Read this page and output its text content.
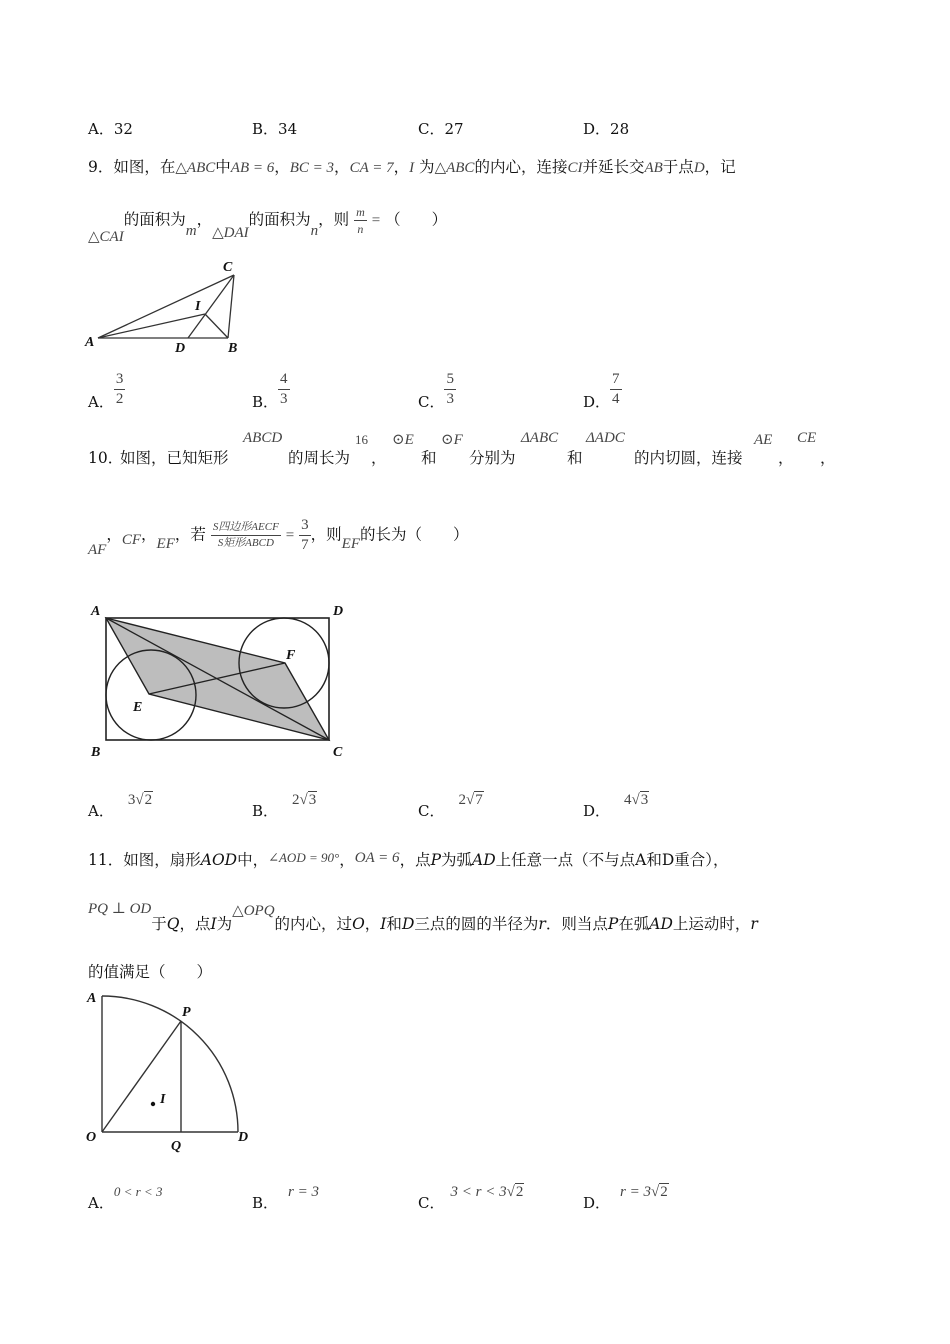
A．32	B．34	C．27	D．28
9．如图，在△ABC中AB = 6，BC = 3，CA = 7，I 为△ABC的内心，连接CI并延长交AB于点D，记
△CAI的面积为m，△DAI的面积为n，则 $\frac{m}{n}$ = （　　）
C
A	D	B
I
A． $\frac{3}{2}$	B． $\frac{4}{3}$	C． $\frac{5}{3}$	D． $\frac{7}{4}$
10．
如图，已知矩形
ABCD
的周长为
16
，
⊙E
和
⊙F
分别为
ΔABC
和
ΔADC
的内切圆，连接
AE
，
CE
，
AF，CF，EF，若 $\frac{\text{S四边形AECF}}{\text{S矩形ABCD}} = \frac{3}{7}$ ，则EF的长为（　　）
A	D
B	C
E
F
A．3√2
B．2√3
C．2√7
D．4√3
11．如图，扇形AOD中，∠AOD = 90°，OA = 6，点P为弧AD上任意一点（不与点A和D重合），
PQ ⊥ OD于Q，点I为△OPQ的内心，过O，I和D三点的圆的半径为r．则当点P在弧AD上运动时，r
的值满足（　　）
A
P
I
O
Q
D
A．0 < r < 3
B．r = 3
C．3 < r < 3√2
D．r = 3√2
